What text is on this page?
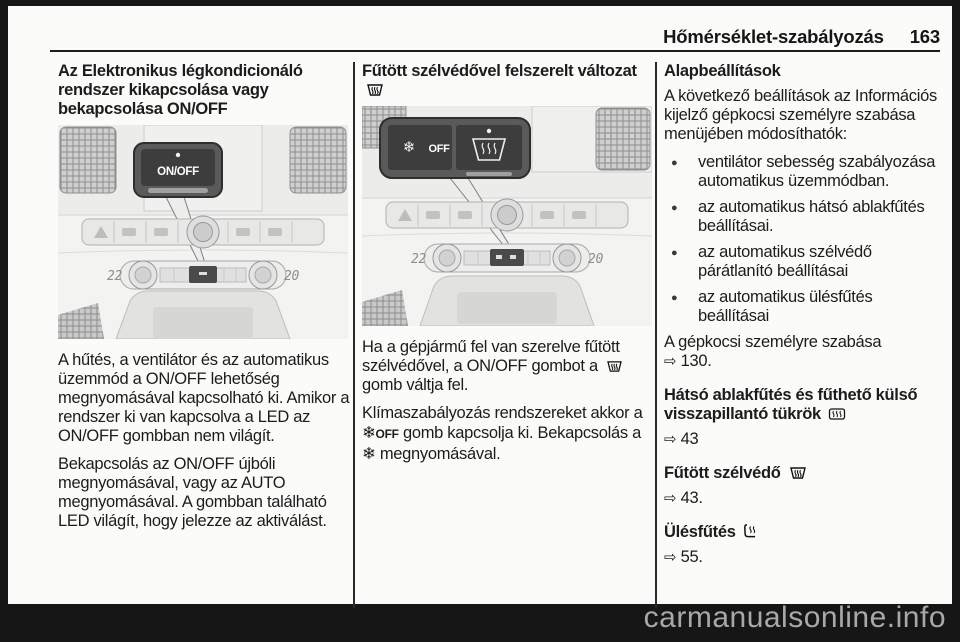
Hőmérséklet-szabályozás 163
Az Elektronikus légkondicionáló rendszer kikapcsolása vagy bekapcsolása ON/OFF
ON/OFF
22	20

A hűtés, a ventilátor és az automatikus üzemmód a ON/OFF lehetőség megnyomásával kapcsolható ki. Amikor a rendszer ki van kapcsolva a LED az ON/OFF gombban nem világít.

Bekapcsolás az ON/OFF újbóli megnyomásával, vagy az AUTO megnyomásával. A gombban található LED világít, hogy jelezze az aktiválást.

Fűtött szélvédővel felszerelt változat
❄ OFF
22	20

Ha a gépjármű fel van szerelve fűtött szélvédővel, a ON/OFF gombot a  gomb váltja fel.

Klímaszabályozás rendszereket akkor a ❄OFF gomb kapcsolja ki. Bekapcsolás a ❄ megnyomásával.

Alapbeállítások

A következő beállítások az Információs kijelző gépkocsi személyre szabása menüjében módosíthatók:

● ventilátor sebesség szabályozása automatikus üzemmódban.
● az automatikus hátsó ablakfűtés beállításai.
● az automatikus szélvédő párátlanító beállításai
● az automatikus ülésfűtés beállításai

A gépkocsi személyre szabása
⇨ 130.

Hátsó ablakfűtés és fűthető külső visszapillantó tükrök

⇨ 43

Fűtött szélvédő

⇨ 43.

Ülésfűtés

⇨ 55.

carmanualsonline.info
